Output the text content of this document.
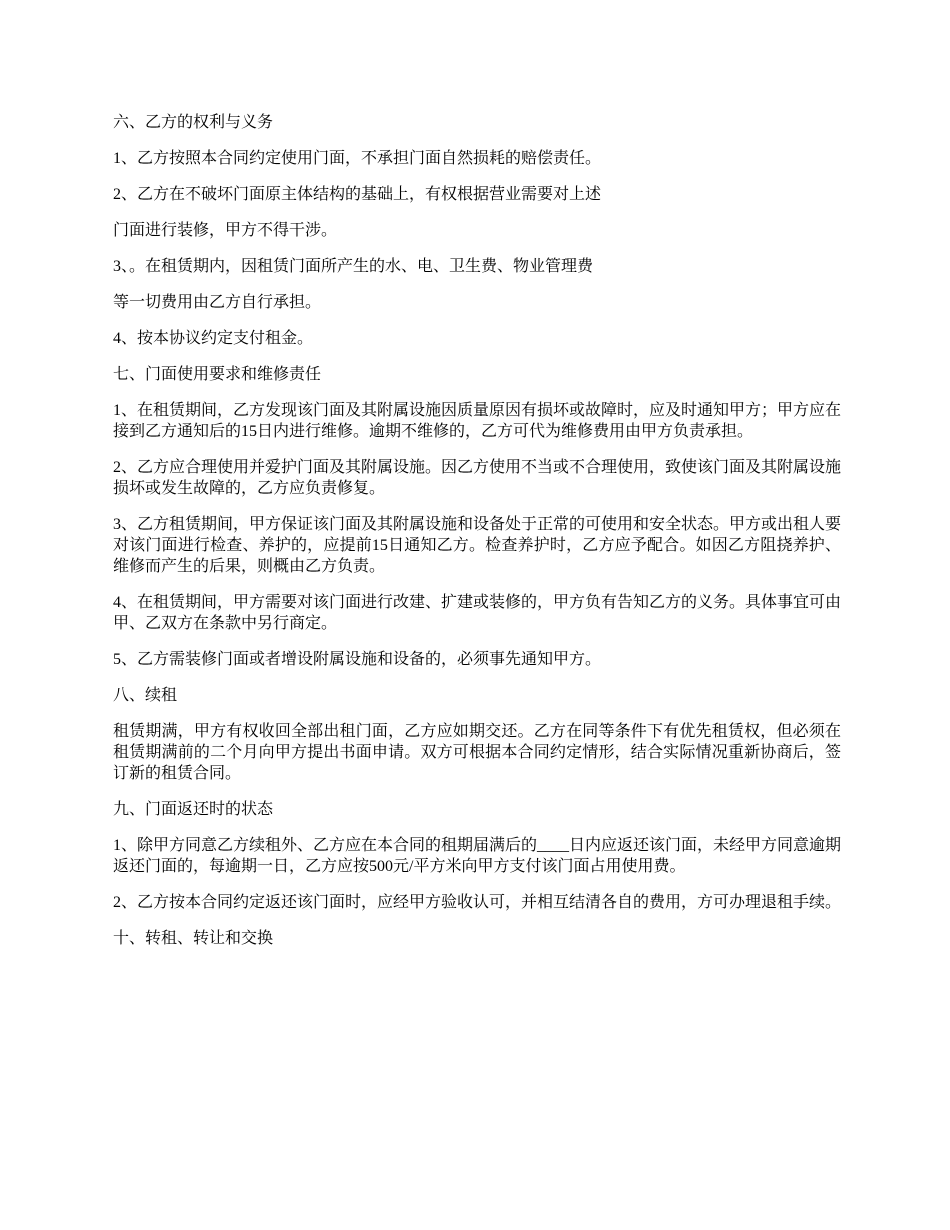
六、乙方的权利与义务

1、乙方按照本合同约定使用门面，不承担门面自然损耗的赔偿责任。

2、乙方在不破坏门面原主体结构的基础上，有权根据营业需要对上述

门面进行装修，甲方不得干涉。

3、。在租赁期内，因租赁门面所产生的水、电、卫生费、物业管理费

等一切费用由乙方自行承担。

4、按本协议约定支付租金。

七、门面使用要求和维修责任

1、在租赁期间，乙方发现该门面及其附属设施因质量原因有损坏或故障时，应及时通知甲方；甲方应在接到乙方通知后的15日内进行维修。逾期不维修的，乙方可代为维修费用由甲方负责承担。

2、乙方应合理使用并爱护门面及其附属设施。因乙方使用不当或不合理使用，致使该门面及其附属设施损坏或发生故障的，乙方应负责修复。

3、乙方租赁期间，甲方保证该门面及其附属设施和设备处于正常的可使用和安全状态。甲方或出租人要对该门面进行检查、养护的，应提前15日通知乙方。检查养护时，乙方应予配合。如因乙方阻挠养护、维修而产生的后果，则概由乙方负责。

4、在租赁期间，甲方需要对该门面进行改建、扩建或装修的，甲方负有告知乙方的义务。具体事宜可由甲、乙双方在条款中另行商定。

5、乙方需装修门面或者增设附属设施和设备的，必须事先通知甲方。

八、续租

租赁期满，甲方有权收回全部出租门面，乙方应如期交还。乙方在同等条件下有优先租赁权，但必须在租赁期满前的二个月向甲方提出书面申请。双方可根据本合同约定情形，结合实际情况重新协商后，签订新的租赁合同。

九、门面返还时的状态

1、除甲方同意乙方续租外、乙方应在本合同的租期届满后的____日内应返还该门面，未经甲方同意逾期返还门面的，每逾期一日，乙方应按500元/平方米向甲方支付该门面占用使用费。

2、乙方按本合同约定返还该门面时，应经甲方验收认可，并相互结清各自的费用，方可办理退租手续。

十、转租、转让和交换
